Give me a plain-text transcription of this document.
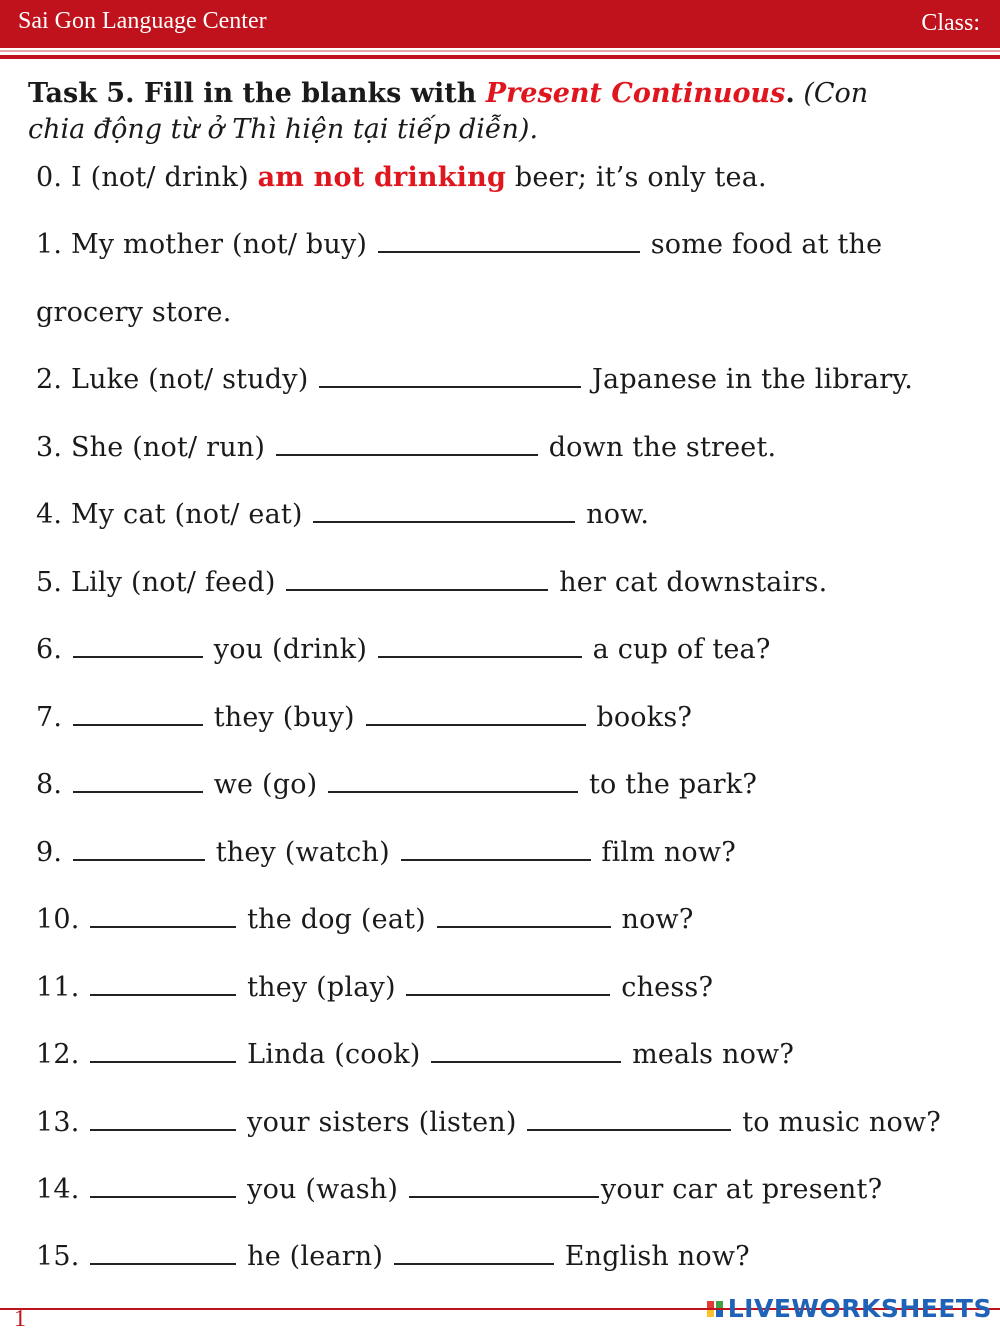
Sai Gon Language Center	Class:
Task 5. Fill in the blanks with Present Continuous. (Con
chia động từ ở Thì hiện tại tiếp diễn).
0. I (not/ drink) am not drinking beer; it’s only tea.
1. My mother (not/ buy)	some food at the
grocery store.
2. Luke (not/ study)	Japanese in the library.
3. She (not/ run)	down the street.
4. My cat (not/ eat)	now.
5. Lily (not/ feed)	her cat downstairs.
6.	you (drink)	a cup of tea?
7.	they (buy)	books?
8.	we (go)	to the park?
9.	they (watch)	film now?
10.	the dog (eat)	now?
11.	they (play)	chess?
12.	Linda (cook)	meals now?
13.	your sisters (listen)	to music now?
14.	you (wash)	your car at present?
15.	he (learn)	English now?
1	LIVEWORKSHEETS
